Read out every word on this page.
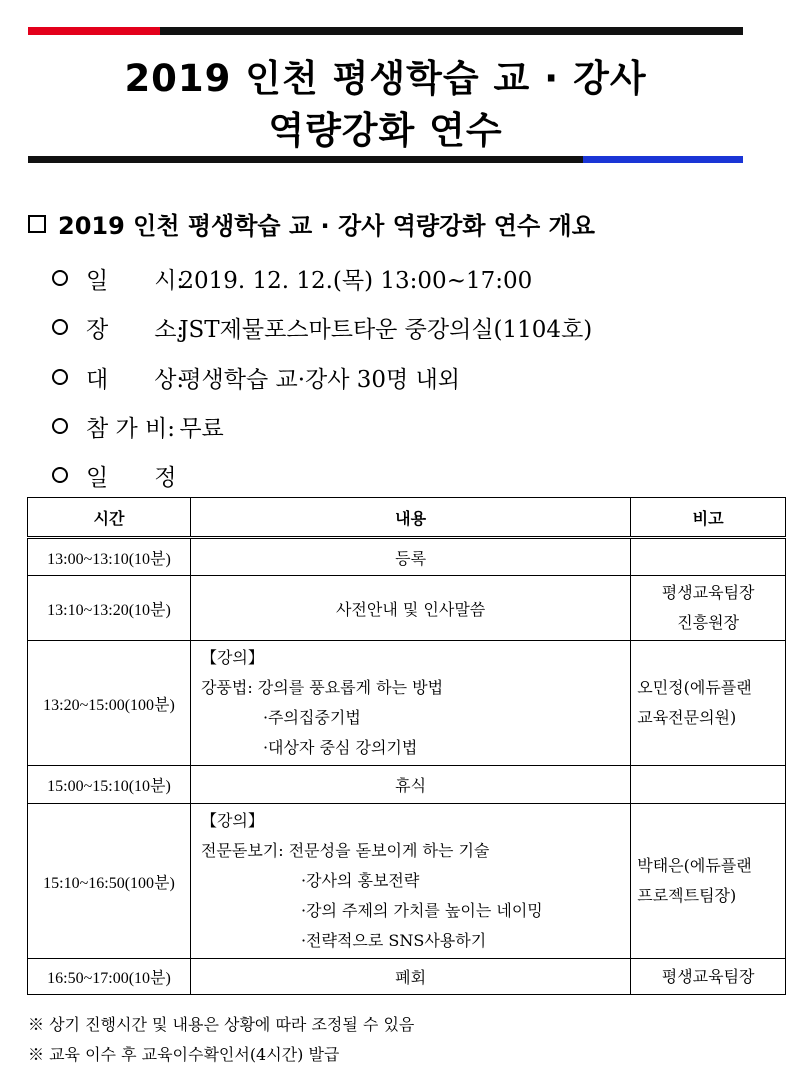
2019 인천 평생학습 교 · 강사
역량강화 연수
2019 인천 평생학습 교 · 강사 역량강화 연수 개요
일　　시: 2019. 12. 12.(목) 13:00~17:00
장　　소: JST제물포스마트타운 중강의실(1104호)
대　　상: 평생학습 교·강사 30명 내외
참 가 비: 무료
일　　정
시간	내용	비고
13:00~13:10(10분)	등록	
13:10~13:20(10분)	사전안내 및 인사말씀	평생교육팀장
진흥원장

13:20~15:00(100분)	【강의】
강풍법: 강의를 풍요롭게 하는 방법
·주의집중기법
·대상자 중심 강의기법	오민정(에듀플랜
교육전문의원)

15:00~15:10(10분)	휴식	
15:10~16:50(100분)	【강의】
전문돋보기: 전문성을 돋보이게 하는 기술
·강사의 홍보전략
·강의 주제의 가치를 높이는 네이밍
·전략적으로 SNS사용하기	박태은(에듀플랜
프로젝트팀장)

16:50~17:00(10분)	폐회	평생교육팀장
※ 상기 진행시간 및 내용은 상황에 따라 조정될 수 있음
※ 교육 이수 후 교육이수확인서(4시간) 발급
